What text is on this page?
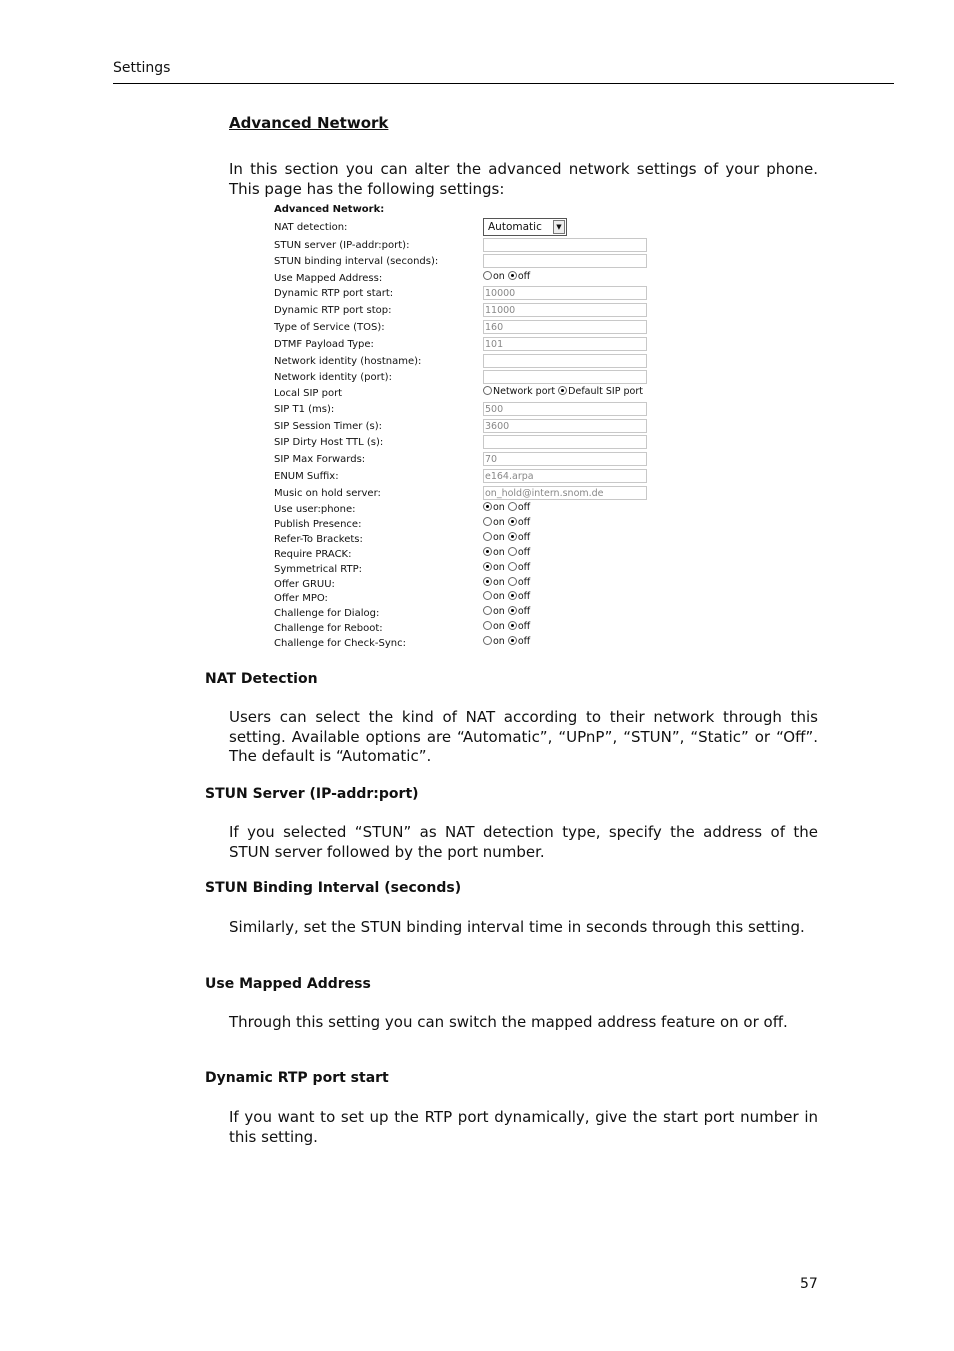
Settings
Advanced Network

In this section you can alter the advanced network settings of your phone. This page has the following settings:

Advanced Network:
NAT detection:	Automatic	▼
STUN server (IP-addr:port):
STUN binding interval (seconds):
Use Mapped Address:	on off
Dynamic RTP port start:	10000
Dynamic RTP port stop:	11000
Type of Service (TOS):	160
DTMF Payload Type:	101
Network identity (hostname):
Network identity (port):
Local SIP port	Network port Default SIP port
SIP T1 (ms):	500
SIP Session Timer (s):	3600
SIP Dirty Host TTL (s):
SIP Max Forwards:	70
ENUM Suffix:	e164.arpa
Music on hold server:	on_hold@intern.snom.de
Use user:phone:	on off
Publish Presence:	on off
Refer-To Brackets:	on off
Require PRACK:	on off
Symmetrical RTP:	on off
Offer GRUU:	on off
Offer MPO:	on off
Challenge for Dialog:	on off
Challenge for Reboot:	on off
Challenge for Check-Sync:	on off
NAT Detection

Users can select the kind of NAT according to their network through this setting. Available options are “Automatic”, “UPnP”, “STUN”, “Static” or “Off”. The default is “Automatic”.

STUN Server (IP-addr:port)

If you selected “STUN” as NAT detection type, specify the address of the STUN server followed by the port number.

STUN Binding Interval (seconds)

Similarly, set the STUN binding interval time in seconds through this setting.

Use Mapped Address

Through this setting you can switch the mapped address feature on or off.

Dynamic RTP port start

If you want to set up the RTP port dynamically, give the start port number in this setting.

57
